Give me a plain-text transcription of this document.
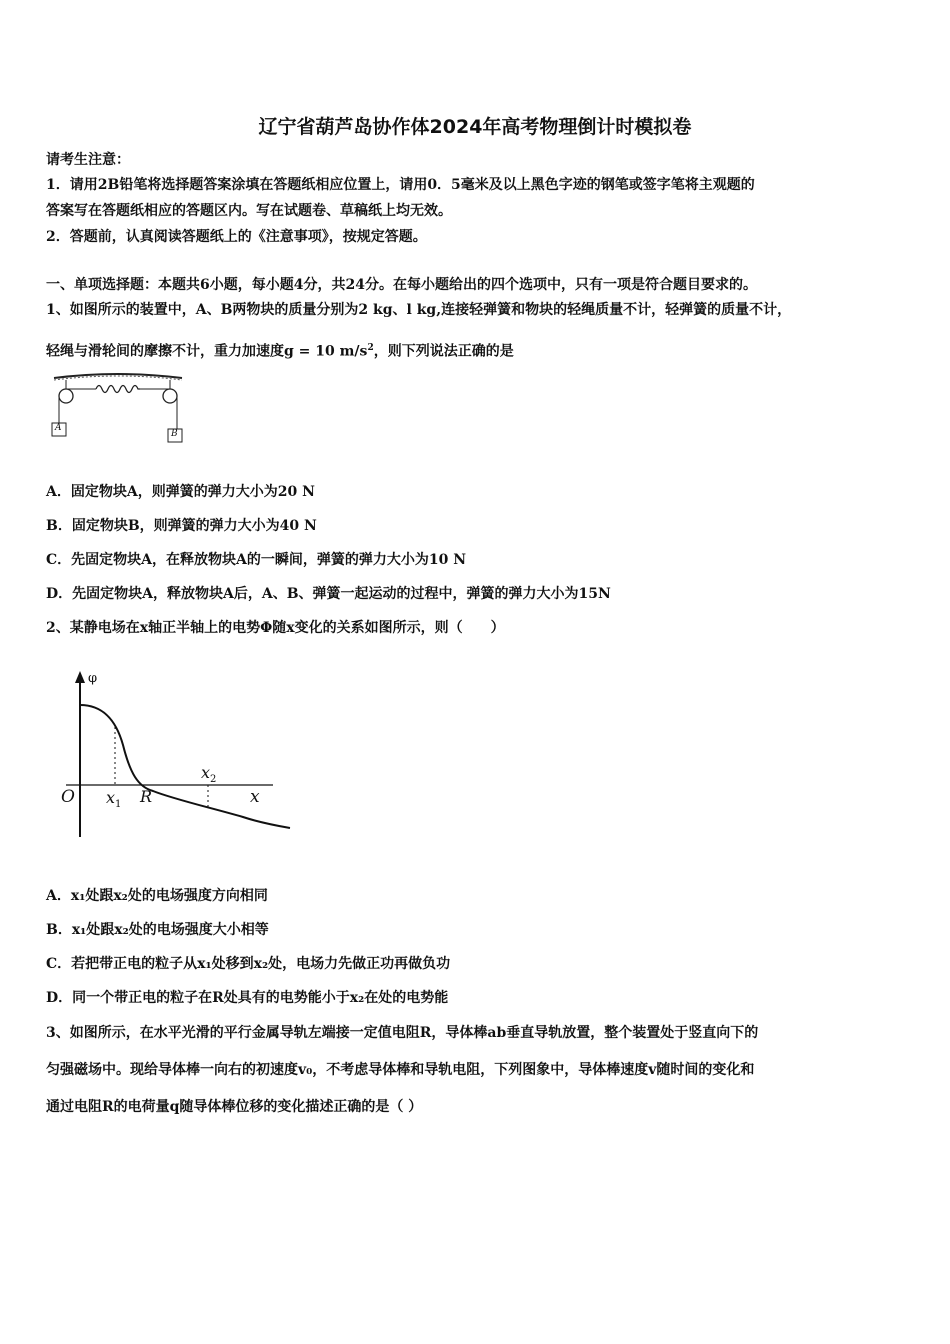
辽宁省葫芦岛协作体2024年高考物理倒计时模拟卷
请考生注意：
1．请用2B铅笔将选择题答案涂填在答题纸相应位置上，请用0．5毫米及以上黑色字迹的钢笔或签字笔将主观题的
答案写在答题纸相应的答题区内。写在试题卷、草稿纸上均无效。
2．答题前，认真阅读答题纸上的《注意事项》，按规定答题。
一、单项选择题：本题共6小题，每小题4分，共24分。在每小题给出的四个选项中，只有一项是符合题目要求的。
1、如图所示的装置中，A、B两物块的质量分别为2 kg、l kg,连接轻弹簧和物块的轻绳质量不计，轻弹簧的质量不计，
轻绳与滑轮间的摩擦不计，重力加速度g = 10 $m/s^2$，则下列说法正确的是
A
B
A．固定物块A，则弹簧的弹力大小为20 N
B．固定物块B，则弹簧的弹力大小为40 N
C．先固定物块A，在释放物块A的一瞬间，弹簧的弹力大小为10 N
D．先固定物块A，释放物块A后，A、B、弹簧一起运动的过程中，弹簧的弹力大小为15N
2、某静电场在x轴正半轴上的电势Φ随x变化的关系如图所示，则（　　）
φ
O $x_1$ R
$x_2$
x
A．x₁处跟x₂处的电场强度方向相同
B．x₁处跟x₂处的电场强度大小相等
C．若把带正电的粒子从x₁处移到x₂处，电场力先做正功再做负功
D．同一个带正电的粒子在R处具有的电势能小于x₂在处的电势能
3、如图所示，在水平光滑的平行金属导轨左端接一定值电阻R，导体棒ab垂直导轨放置，整个装置处于竖直向下的
匀强磁场中。现给导体棒一向右的初速度v₀，不考虑导体棒和导轨电阻，下列图象中，导体棒速度v随时间的变化和
通过电阻R的电荷量q随导体棒位移的变化描述正确的是（ ）
